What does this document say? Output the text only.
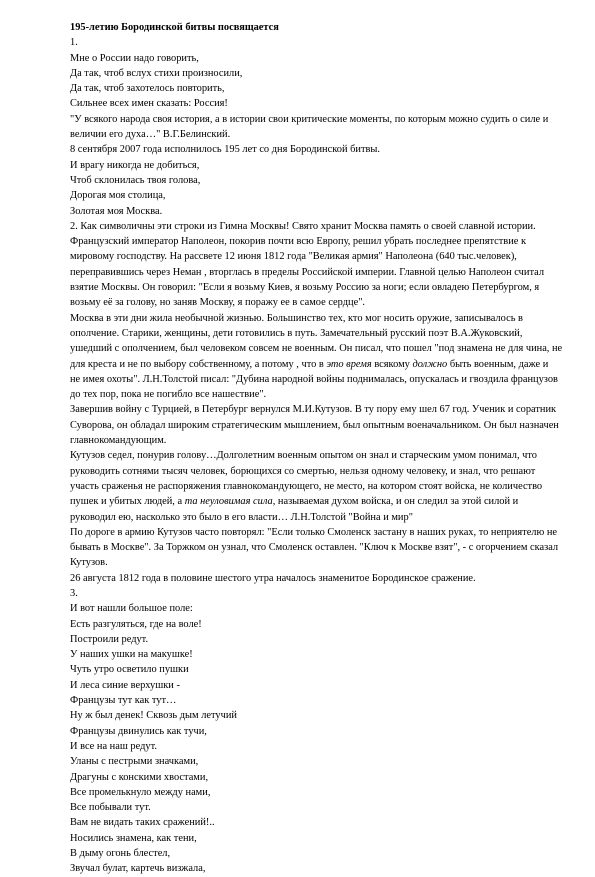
195-летию Бородинской битвы посвящается
1.
Мне о России надо говорить,
Да так, чтоб вслух стихи произносили,
Да так, чтоб захотелось повторить,
Сильнее всех имен сказать: Россия!
"У всякого народа своя история, а в истории свои критические моменты, по которым можно судить о силе и
величии его духа…" В.Г.Белинский.
8 сентября 2007 года исполнилось 195 лет со дня Бородинской битвы.
И врагу никогда не добиться,
Чтоб склонилась твоя голова,
Дорогая моя столица,
Золотая моя Москва.
2. Как символичны эти строки из Гимна Москвы! Свято хранит Москва память о своей славной истории.
Французский император Наполеон, покорив почти всю Европу, решил убрать последнее препятствие к
мировому господству. На рассвете 12 июня 1812 года "Великая армия" Наполеона (640 тыс.человек),
переправившись через Неман , вторглась в пределы Российской империи. Главной целью Наполеон считал
взятие Москвы. Он говорил: "Если я возьму Киев, я возьму Россию за ноги; если овладею Петербургом, я
возьму её за голову, но заняв Москву, я поражу ее в самое сердце".
Москва в эти дни жила необычной жизнью. Большинство тех, кто мог носить оружие, записывалось в
ополчение. Старики, женщины, дети готовились в путь. Замечательный русский поэт В.А.Жуковский,
ушедший с ополчением, был человеком совсем не военным. Он писал, что пошел "под знамена не для чина, не
для креста и не по выбору собственному, а потому , что в это время всякому должно быть военным, даже и
не имея охоты". Л.Н.Толстой писал: "Дубина народной войны поднималась, опускалась и гвоздила французов
до тех пор, пока не погибло все нашествие".
Завершив войну с Турцией, в Петербург вернулся М.И.Кутузов. В ту пору ему шел 67 год. Ученик и соратник
Суворова, он обладал широким стратегическим мышлением, был опытным военачальником. Он был назначен
главнокомандующим.
Кутузов седел, понурив голову…Долголетним военным опытом он знал и старческим умом понимал, что
руководить сотнями тысяч человек, борющихся со смертью, нельзя одному человеку, и знал, что решают
участь сраженья не распоряжения главнокомандующего, не место, на котором стоят войска, не количество
пушек и убитых людей, а та неуловимая сила, называемая духом войска, и он следил за этой силой и
руководил ею, насколько это было в его власти… Л.Н.Толстой "Война и мир"
По дороге в армию Кутузов часто повторял: "Если только Смоленск застану в наших руках, то неприятелю не
бывать в Москве". За Торжком он узнал, что Смоленск оставлен. "Ключ к Москве взят", - с огорчением сказал
Кутузов.
26 августа 1812 года в половине шестого утра началось знаменитое Бородинское сражение.
3.
И вот нашли большое поле:
Есть разгуляться, где на воле!
Построили редут.
У наших ушки на макушке!
Чуть утро осветило пушки
И леса синие верхушки -
Французы тут как тут…
Ну ж был денек! Сквозь дым летучий
Французы двинулись как тучи,
И все на наш редут.
Уланы с пестрыми значками,
Драгуны с конскими хвостами,
Все промелькнуло между нами,
Все побывали тут.
Вам не видать таких сражений!..
Носились знамена, как тени,
В дыму огонь блестел,
Звучал булат, картечь визжала,
